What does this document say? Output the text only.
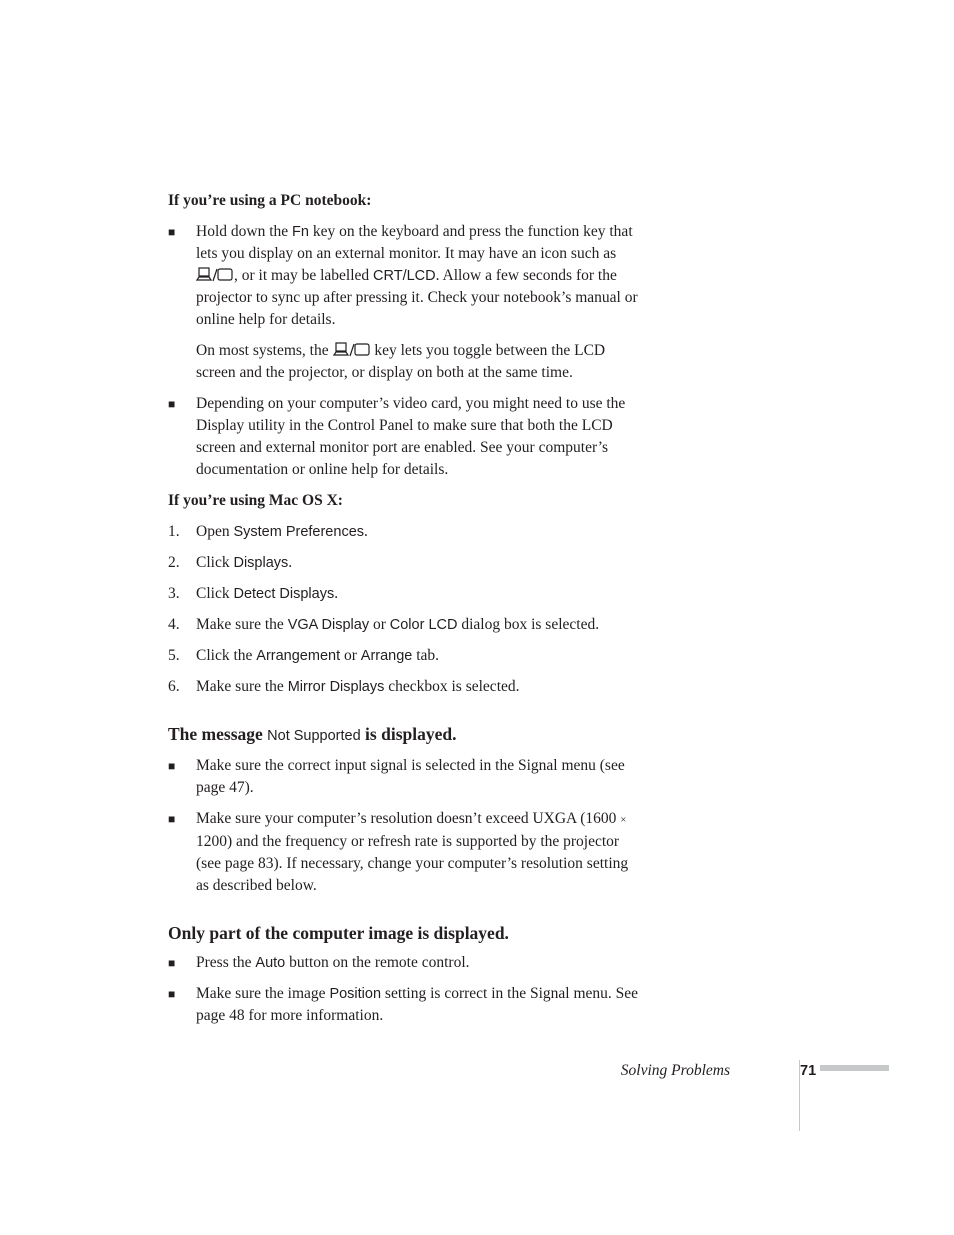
If you’re using a PC notebook:

■ Hold down the Fn key on the keyboard and press the function key that lets you display on an external monitor. It may have an icon such as , or it may be labelled CRT/LCD. Allow a few seconds for the projector to sync up after pressing it. Check your notebook’s manual or online help for details.

On most systems, the  key lets you toggle between the LCD screen and the projector, or display on both at the same time.

■ Depending on your computer’s video card, you might need to use the Display utility in the Control Panel to make sure that both the LCD screen and external monitor port are enabled. See your computer’s documentation or online help for details.

If you’re using Mac OS X:

1. Open System Preferences.
2. Click Displays.
3. Click Detect Displays.
4. Make sure the VGA Display or Color LCD dialog box is selected.
5. Click the Arrangement or Arrange tab.
6. Make sure the Mirror Displays checkbox is selected.

The message Not Supported is displayed.

■ Make sure the correct input signal is selected in the Signal menu (see page 47).
■ Make sure your computer’s resolution doesn’t exceed UXGA (1600 × 1200) and the frequency or refresh rate is supported by the projector (see page 83). If necessary, change your computer’s resolution setting as described below.

Only part of the computer image is displayed.

■ Press the Auto button on the remote control.
■ Make sure the image Position setting is correct in the Signal menu. See page 48 for more information.
Solving Problems	71
